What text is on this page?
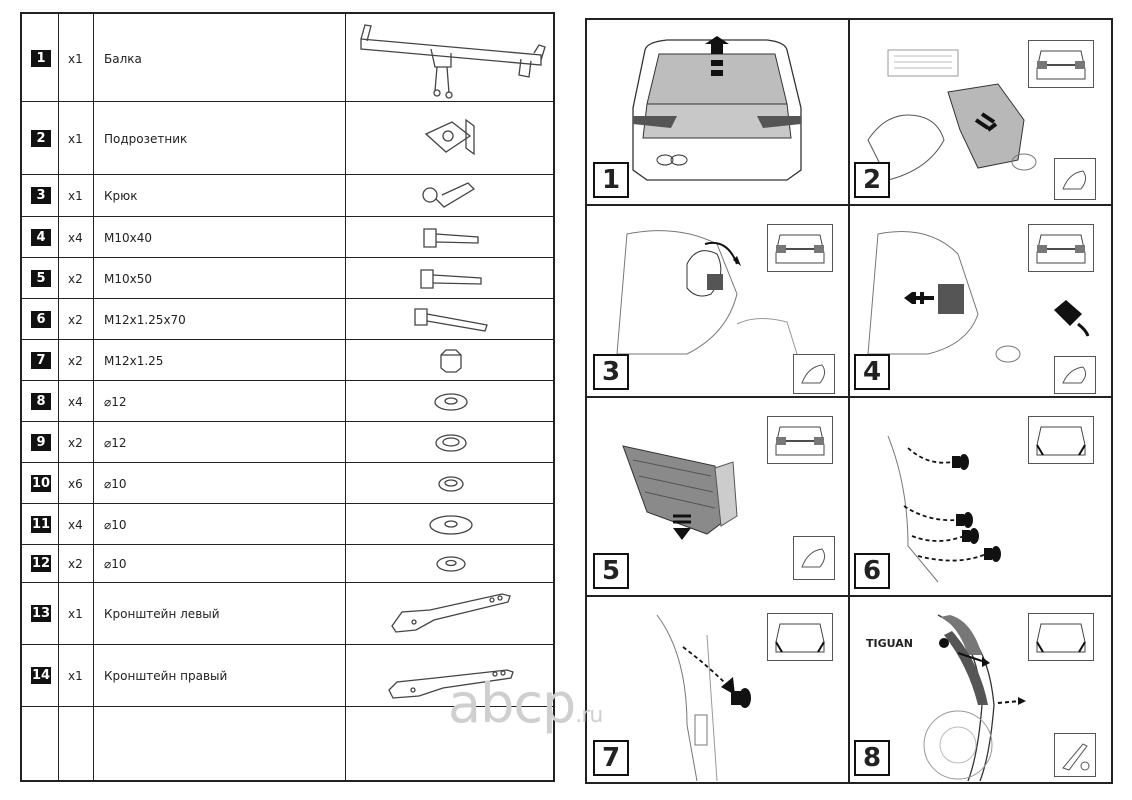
1	x1 Балка
2	x1 Подрозетник
3	x1 Крюк
4	x4 M10x40
5	x2 M10x50
6	x2 M12x1.25x70
7	x2 M12x1.25
8	x4 ⌀12
9	x2 ⌀12
10 x6 ⌀10
11 x4 ⌀10
12 x2 ⌀10
13 x1 Кронштейн левый
14 x1 Кронштейн правый
1	2
3	4
5	6
7
TIGUAN
8
abcp.ru
